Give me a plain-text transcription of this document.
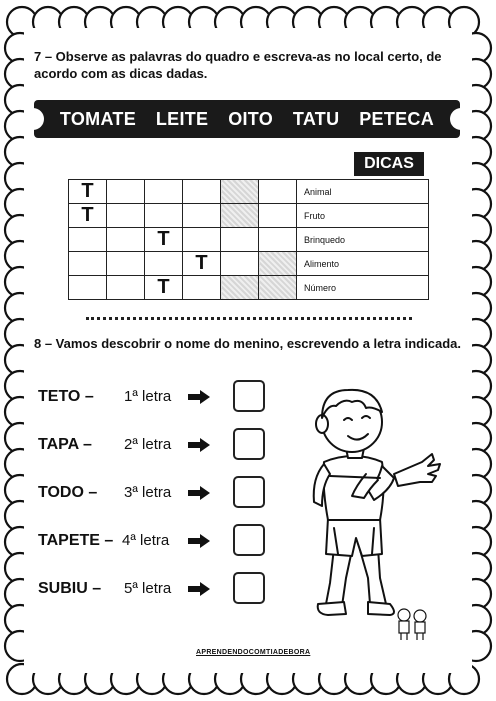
7 – Observe as palavras do quadro e escreva-as no local certo, de acordo com as dicas dadas.
TOMATE LEITE OITO TATU PETECA
DICAS
T						Animal
T						Fruto
		T				Brinquedo
			T			Alimento
		T				Número
8 – Vamos descobrir o nome do menino, escrevendo a letra indicada.
TETO – 1ª letra
TAPA – 2ª letra
TODO – 3ª letra
TAPETE – 4ª letra
SUBIU – 5ª letra
APRENDENDOCOMTIADEBORA
